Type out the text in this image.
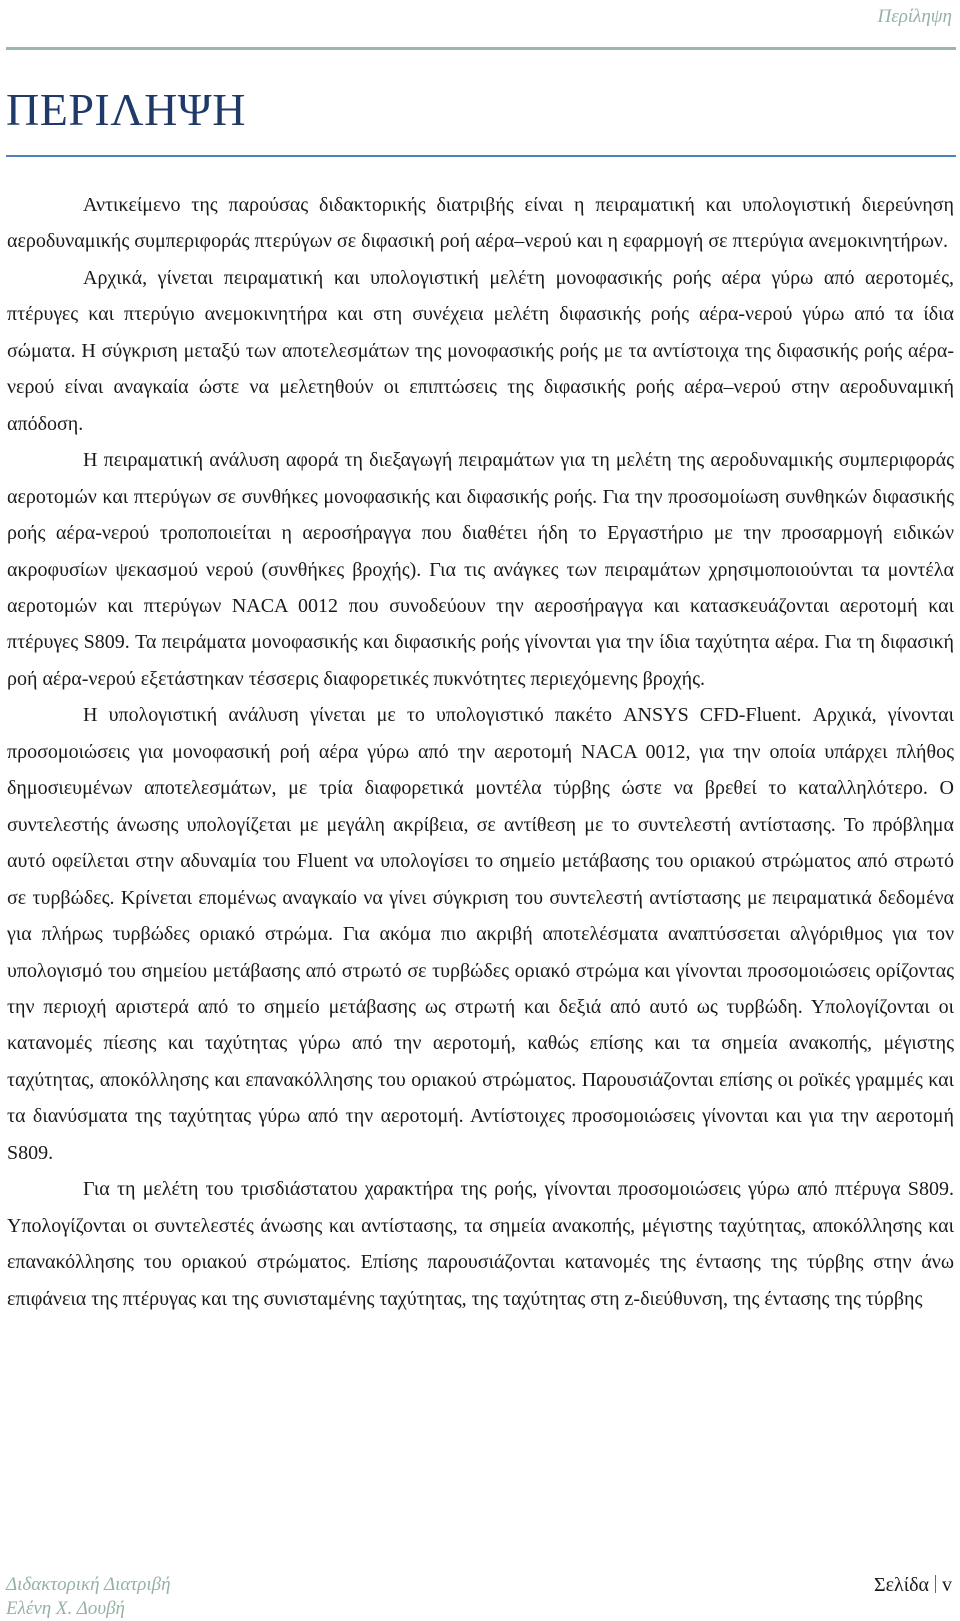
Περίληψη
ΠΕΡΙΛΗΨΗ

Αντικείμενο της παρούσας διδακτορικής διατριβής είναι η πειραματική και υπολογιστική διερεύνηση αεροδυναμικής συμπεριφοράς πτερύγων σε διφασική ροή αέρα–νερού και η εφαρμογή σε πτερύγια ανεμοκινητήρων.

Αρχικά, γίνεται πειραματική και υπολογιστική μελέτη μονοφασικής ροής αέρα γύρω από αεροτομές, πτέρυγες και πτερύγιο ανεμοκινητήρα και στη συνέχεια μελέτη διφασικής ροής αέρα-νερού γύρω από τα ίδια σώματα. Η σύγκριση μεταξύ των αποτελεσμάτων της μονοφασικής ροής με τα αντίστοιχα της διφασικής ροής αέρα-νερού είναι αναγκαία ώστε να μελετηθούν οι επιπτώσεις της διφασικής ροής αέρα–νερού στην αεροδυναμική απόδοση.

Η πειραματική ανάλυση αφορά τη διεξαγωγή πειραμάτων για τη μελέτη της αεροδυναμικής συμπεριφοράς αεροτομών και πτερύγων σε συνθήκες μονοφασικής και διφασικής ροής. Για την προσομοίωση συνθηκών διφασικής ροής αέρα-νερού τροποποιείται η αεροσήραγγα που διαθέτει ήδη το Εργαστήριο με την προσαρμογή ειδικών ακροφυσίων ψεκασμού νερού (συνθήκες βροχής). Για τις ανάγκες των πειραμάτων χρησιμοποιούνται τα μοντέλα αεροτομών και πτερύγων NACA 0012 που συνοδεύουν την αεροσήραγγα και κατασκευάζονται αεροτομή και πτέρυγες S809. Τα πειράματα μονοφασικής και διφασικής ροής γίνονται για την ίδια ταχύτητα αέρα. Για τη διφασική ροή αέρα-νερού εξετάστηκαν τέσσερις διαφορετικές πυκνότητες περιεχόμενης βροχής.

Η υπολογιστική ανάλυση γίνεται με το υπολογιστικό πακέτο ANSYS CFD-Fluent. Αρχικά, γίνονται προσομοιώσεις για μονοφασική ροή αέρα γύρω από την αεροτομή NACA 0012, για την οποία υπάρχει πλήθος δημοσιευμένων αποτελεσμάτων, με τρία διαφορετικά μοντέλα τύρβης ώστε να βρεθεί το καταλληλότερο. Ο συντελεστής άνωσης υπολογίζεται με μεγάλη ακρίβεια, σε αντίθεση με το συντελεστή αντίστασης. Το πρόβλημα αυτό οφείλεται στην αδυναμία του Fluent να υπολογίσει το σημείο μετάβασης του οριακού στρώματος από στρωτό σε τυρβώδες. Κρίνεται επομένως αναγκαίο να γίνει σύγκριση του συντελεστή αντίστασης με πειραματικά δεδομένα για πλήρως τυρβώδες οριακό στρώμα. Για ακόμα πιο ακριβή αποτελέσματα αναπτύσσεται αλγόριθμος για τον υπολογισμό του σημείου μετάβασης από στρωτό σε τυρβώδες οριακό στρώμα και γίνονται προσομοιώσεις ορίζοντας την περιοχή αριστερά από το σημείο μετάβασης ως στρωτή και δεξιά από αυτό ως τυρβώδη. Υπολογίζονται οι κατανομές πίεσης και ταχύτητας γύρω από την αεροτομή, καθώς επίσης και τα σημεία ανακοπής, μέγιστης ταχύτητας, αποκόλλησης και επανακόλλησης του οριακού στρώματος. Παρουσιάζονται επίσης οι ροϊκές γραμμές και τα διανύσματα της ταχύτητας γύρω από την αεροτομή. Αντίστοιχες προσομοιώσεις γίνονται και για την αεροτομή S809.

Για τη μελέτη του τρισδιάστατου χαρακτήρα της ροής, γίνονται προσομοιώσεις γύρω από πτέρυγα S809. Υπολογίζονται οι συντελεστές άνωσης και αντίστασης, τα σημεία ανακοπής, μέγιστης ταχύτητας, αποκόλλησης και επανακόλλησης του οριακού στρώματος. Επίσης παρουσιάζονται κατανομές της έντασης της τύρβης στην άνω επιφάνεια της πτέρυγας και της συνισταμένης ταχύτητας, της ταχύτητας στη z-διεύθυνση, της έντασης της τύρβης

Διδακτορική Διατριβή
Ελένη Χ. Δουβή
Σελίδα v
